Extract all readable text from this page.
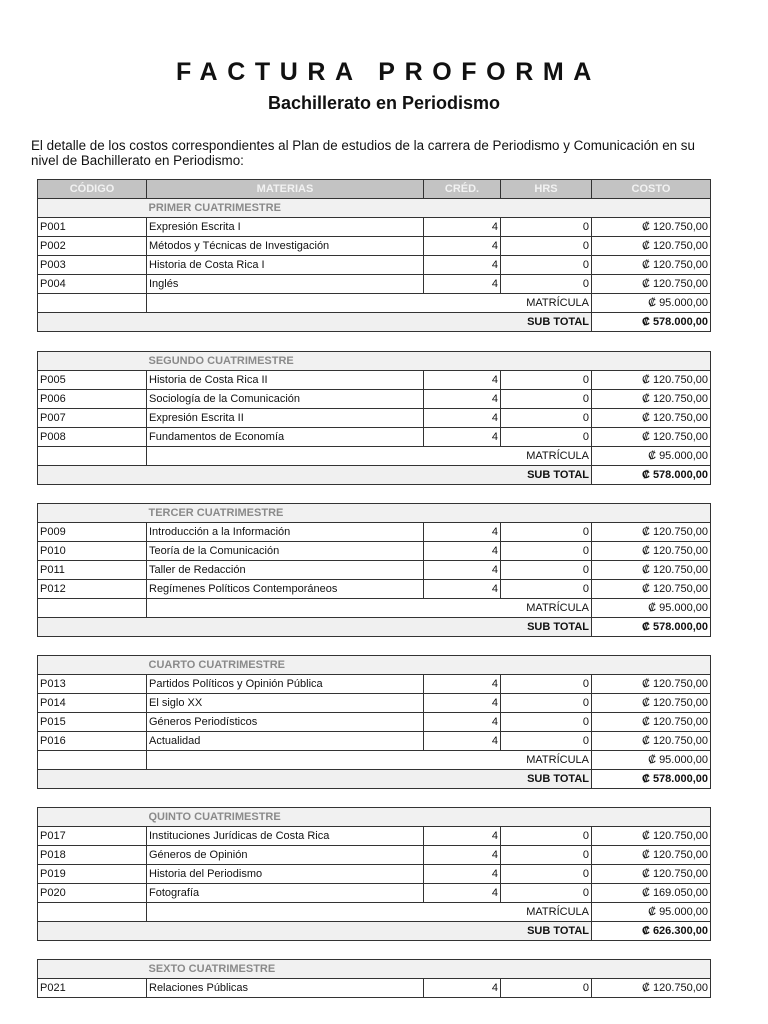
FACTURA PROFORMA
Bachillerato en Periodismo
El detalle de los costos correspondientes al Plan de estudios de la carrera de Periodismo y Comunicación en su nivel de Bachillerato en Periodismo:
CÓDIGO	MATERIAS	CRÉD.	HRS	COSTO
	PRIMER CUATRIMESTRE			
P001	Expresión Escrita I	4	0	₡ 120.750,00
P002	Métodos y Técnicas de Investigación	4	0	₡ 120.750,00
P003	Historia de Costa Rica I	4	0	₡ 120.750,00
P004	Inglés	4	0	₡ 120.750,00
			MATRÍCULA	₡ 95.000,00
			SUB TOTAL	₡ 578.000,00
	SEGUNDO CUATRIMESTRE			
P005	Historia de Costa Rica II	4	0	₡ 120.750,00
P006	Sociología de la Comunicación	4	0	₡ 120.750,00
P007	Expresión Escrita II	4	0	₡ 120.750,00
P008	Fundamentos de Economía	4	0	₡ 120.750,00
			MATRÍCULA	₡ 95.000,00
			SUB TOTAL	₡ 578.000,00
	TERCER CUATRIMESTRE			
P009	Introducción a la Información	4	0	₡ 120.750,00
P010	Teoría de la Comunicación	4	0	₡ 120.750,00
P011	Taller de Redacción	4	0	₡ 120.750,00
P012	Regímenes Políticos Contemporáneos	4	0	₡ 120.750,00
			MATRÍCULA	₡ 95.000,00
			SUB TOTAL	₡ 578.000,00
	CUARTO CUATRIMESTRE			
P013	Partidos Políticos y Opinión Pública	4	0	₡ 120.750,00
P014	El siglo XX	4	0	₡ 120.750,00
P015	Géneros Periodísticos	4	0	₡ 120.750,00
P016	Actualidad	4	0	₡ 120.750,00
			MATRÍCULA	₡ 95.000,00
			SUB TOTAL	₡ 578.000,00
	QUINTO CUATRIMESTRE			
P017	Instituciones Jurídicas de Costa Rica	4	0	₡ 120.750,00
P018	Géneros de Opinión	4	0	₡ 120.750,00
P019	Historia del Periodismo	4	0	₡ 120.750,00
P020	Fotografía	4	0	₡ 169.050,00
			MATRÍCULA	₡ 95.000,00
			SUB TOTAL	₡ 626.300,00
	SEXTO CUATRIMESTRE			
P021	Relaciones Públicas	4	0	₡ 120.750,00
